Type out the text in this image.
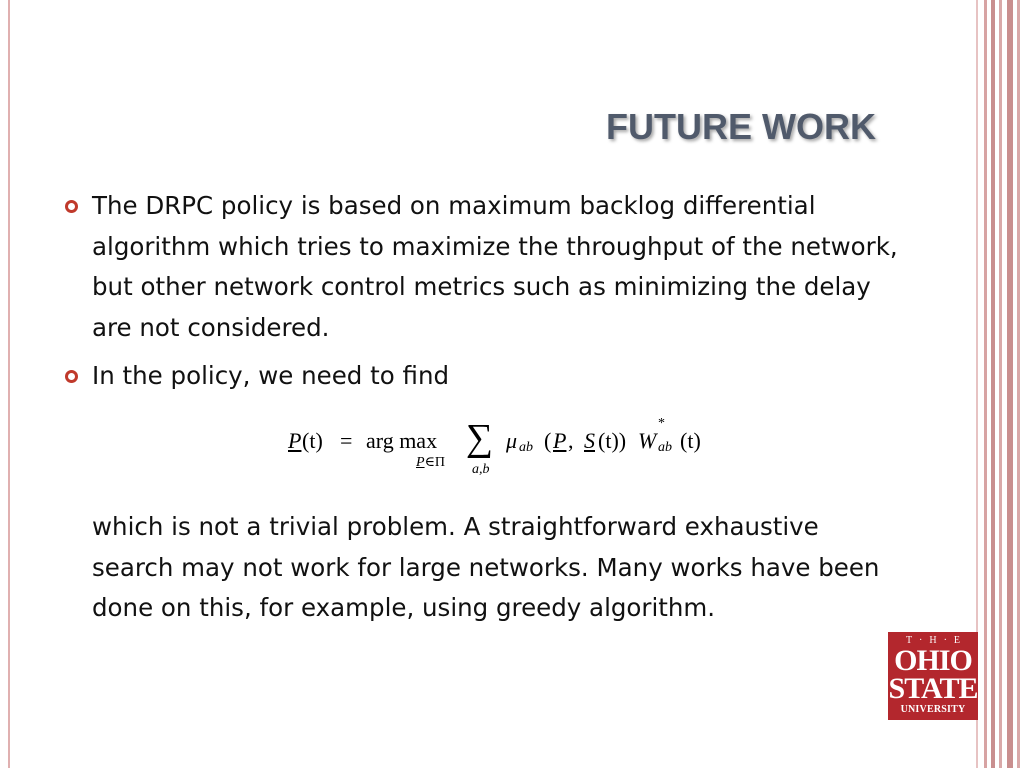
FUTURE WORK
The DRPC policy is based on maximum backlog differential algorithm which tries to maximize the throughput of the network, but other network control metrics such as minimizing the delay are not considered.
In the policy, we need to find
P (t) = arg max
P∈Π
∑
a,b
μ ab ( P , S (t)) W
*
ab (t)
which is not a trivial problem. A straightforward exhaustive search may not work for large networks. Many works have been done on this, for example, using greedy algorithm.
T·H·E
OHIO
STATE
UNIVERSITY
